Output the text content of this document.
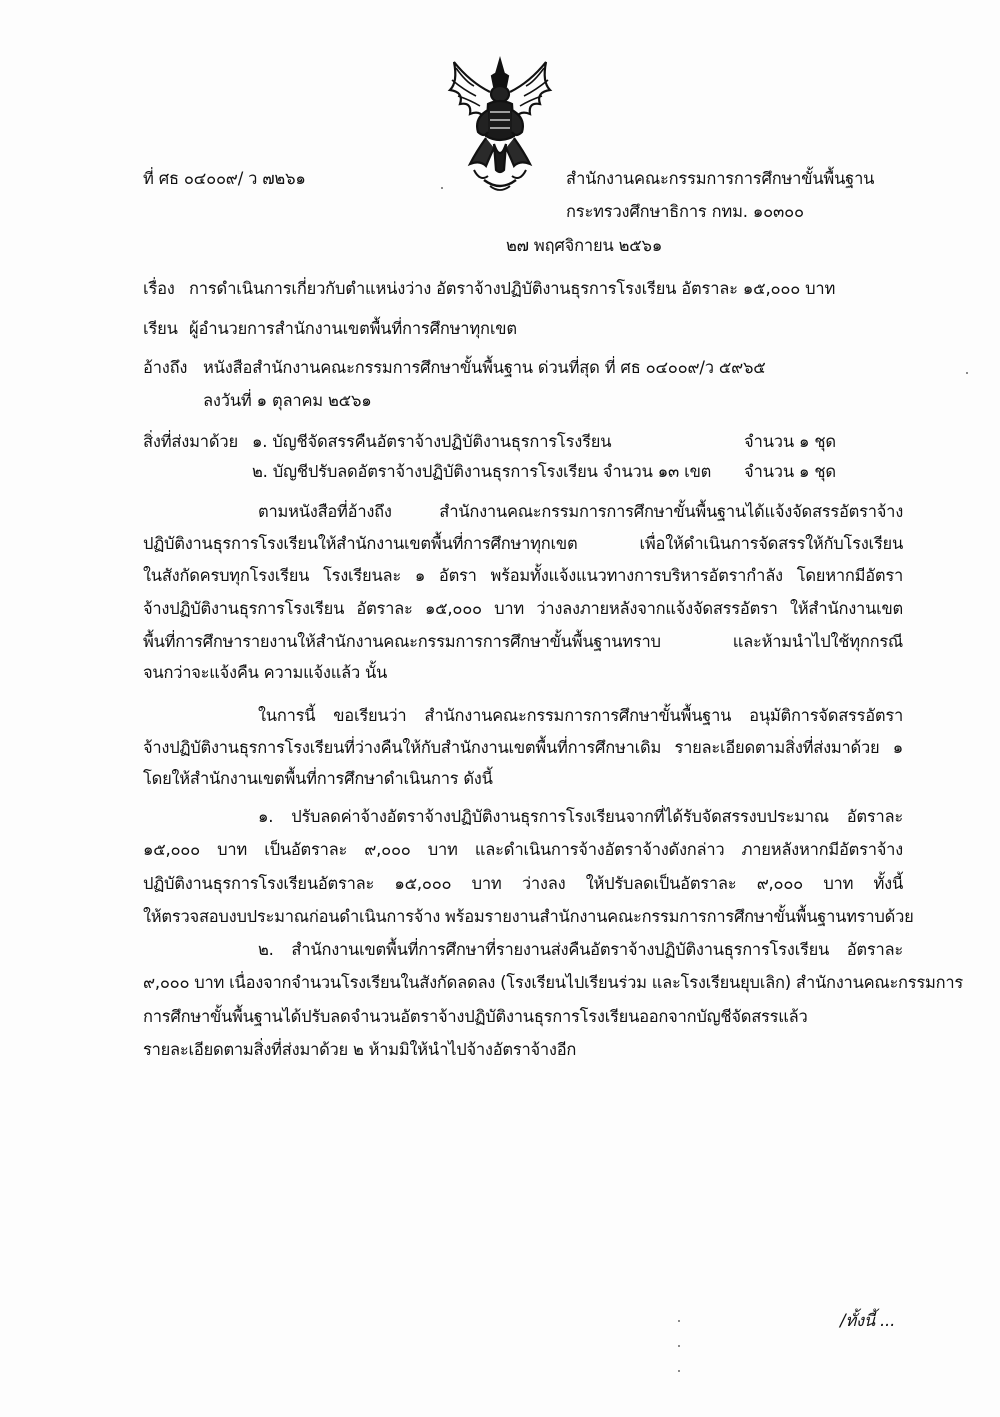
ที่ ศธ ๐๔๐๐๙/ ว ๗๒๖๑	สำนักงานคณะกรรมการการศึกษาขั้นพื้นฐาน
กระทรวงศึกษาธิการ กทม. ๑๐๓๐๐
๒๗ พฤศจิกายน ๒๕๖๑
เรื่อง การดำเนินการเกี่ยวกับตำแหน่งว่าง อัตราจ้างปฏิบัติงานธุรการโรงเรียน อัตราละ ๑๕,๐๐๐ บาท
เรียน ผู้อำนวยการสำนักงานเขตพื้นที่การศึกษาทุกเขต
อ้างถึง หนังสือสำนักงานคณะกรรมการศึกษาขั้นพื้นฐาน ด่วนที่สุด ที่ ศธ ๐๔๐๐๙/ว ๕๙๖๕
ลงวันที่ ๑ ตุลาคม ๒๕๖๑
สิ่งที่ส่งมาด้วย ๑. บัญชีจัดสรรคืนอัตราจ้างปฏิบัติงานธุรการโรงรียน	จำนวน ๑ ชุด
๒. บัญชีปรับลดอัตราจ้างปฏิบัติงานธุรการโรงเรียน จำนวน ๑๓ เขต จำนวน ๑ ชุด
ตามหนังสือที่อ้างถึง สำนักงานคณะกรรมการการศึกษาขั้นพื้นฐานได้แจ้งจัดสรรอัตราจ้าง
ปฏิบัติงานธุรการโรงเรียนให้สำนักงานเขตพื้นที่การศึกษาทุกเขต เพื่อให้ดำเนินการจัดสรรให้กับโรงเรียน
ในสังกัดครบทุกโรงเรียน โรงเรียนละ ๑ อัตรา พร้อมทั้งแจ้งแนวทางการบริหารอัตรากำลัง โดยหากมีอัตรา
จ้างปฏิบัติงานธุรการโรงเรียน อัตราละ ๑๕,๐๐๐ บาท ว่างลงภายหลังจากแจ้งจัดสรรอัตรา ให้สำนักงานเขต
พื้นที่การศึกษารายงานให้สำนักงานคณะกรรมการการศึกษาขั้นพื้นฐานทราบ และห้ามนำไปใช้ทุกกรณี
จนกว่าจะแจ้งคืน ความแจ้งแล้ว นั้น
ในการนี้ ขอเรียนว่า สำนักงานคณะกรรมการการศึกษาขั้นพื้นฐาน อนุมัติการจัดสรรอัตรา
จ้างปฏิบัติงานธุรการโรงเรียนที่ว่างคืนให้กับสำนักงานเขตพื้นที่การศึกษาเดิม รายละเอียดตามสิ่งที่ส่งมาด้วย ๑
โดยให้สำนักงานเขตพื้นที่การศึกษาดำเนินการ ดังนี้
๑. ปรับลดค่าจ้างอัตราจ้างปฏิบัติงานธุรการโรงเรียนจากที่ได้รับจัดสรรงบประมาณ อัตราละ
๑๕,๐๐๐ บาท เป็นอัตราละ ๙,๐๐๐ บาท และดำเนินการจ้างอัตราจ้างดังกล่าว ภายหลังหากมีอัตราจ้าง
ปฏิบัติงานธุรการโรงเรียนอัตราละ ๑๕,๐๐๐ บาท ว่างลง ให้ปรับลดเป็นอัตราละ ๙,๐๐๐ บาท ทั้งนี้
ให้ตรวจสอบงบประมาณก่อนดำเนินการจ้าง พร้อมรายงานสำนักงานคณะกรรมการการศึกษาขั้นพื้นฐานทราบด้วย
๒. สำนักงานเขตพื้นที่การศึกษาที่รายงานส่งคืนอัตราจ้างปฏิบัติงานธุรการโรงเรียน อัตราละ
๙,๐๐๐ บาท เนื่องจากจำนวนโรงเรียนในสังกัดลดลง (โรงเรียนไปเรียนร่วม และโรงเรียนยุบเลิก) สำนักงานคณะกรรมการ
การศึกษาขั้นพื้นฐานได้ปรับลดจำนวนอัตราจ้างปฏิบัติงานธุรการโรงเรียนออกจากบัญชีจัดสรรแล้ว
รายละเอียดตามสิ่งที่ส่งมาด้วย ๒ ห้ามมิให้นำไปจ้างอัตราจ้างอีก
/ทั้งนี้ ...
